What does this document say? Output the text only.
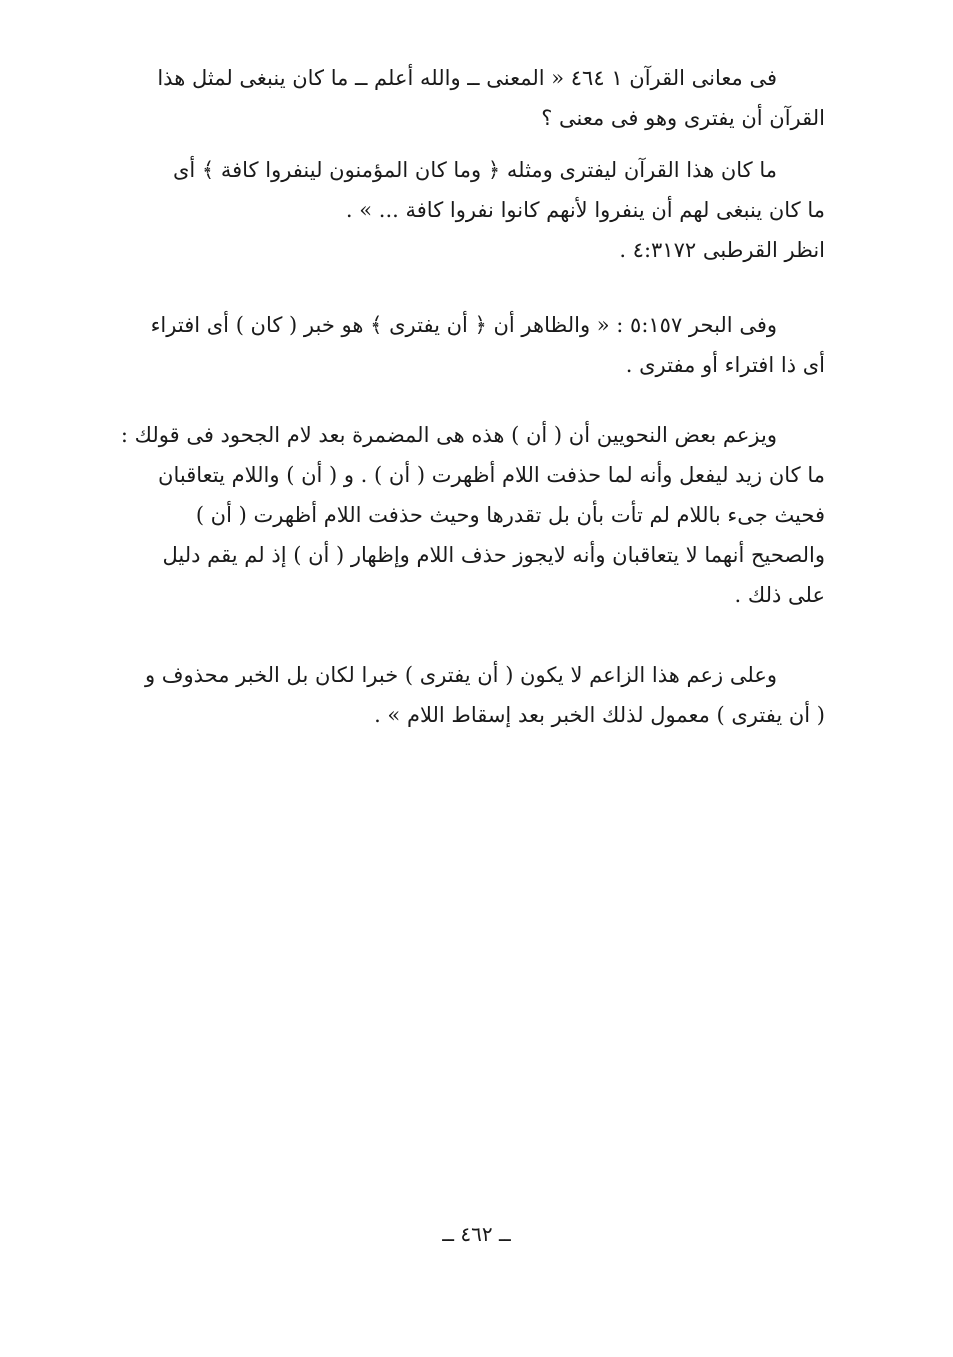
فى معانى القرآن ١ ٤٦٤ « المعنى ــ والله أعلم ــ ما كان ينبغى لمثل هذا
القرآن أن يفترى وهو فى معنى ؟
ما كان هذا القرآن ليفترى ومثله ﴿ وما كان المؤمنون لينفروا كافة ﴾ أى
ما كان ينبغى لهم أن ينفروا لأنهم كانوا نفروا كافة ... » .
انظر القرطبى ٤:٣١٧٢ .
وفى البحر ٥:١٥٧ : « والظاهر أن ﴿ أن يفترى ﴾ هو خبر ( كان ) أى افتراء
أى ذا افتراء أو مفترى .
ويزعم بعض النحويين أن ( أن ) هذه هى المضمرة بعد لام الجحود فى قولك :
ما كان زيد ليفعل وأنه لما حذفت اللام أظهرت ( أن ) . و ( أن ) واللام يتعاقبان
فحيث جىء باللام لم تأت بأن بل تقدرها وحيث حذفت اللام أظهرت ( أن )
والصحيح أنهما لا يتعاقبان وأنه لايجوز حذف اللام وإظهار ( أن ) إذ لم يقم دليل
على ذلك .
وعلى زعم هذا الزاعم لا يكون ( أن يفترى ) خبرا لكان بل الخبر محذوف و
( أن يفترى ) معمول لذلك الخبر بعد إسقاط اللام » .
ــ ٤٦٢ ــ
